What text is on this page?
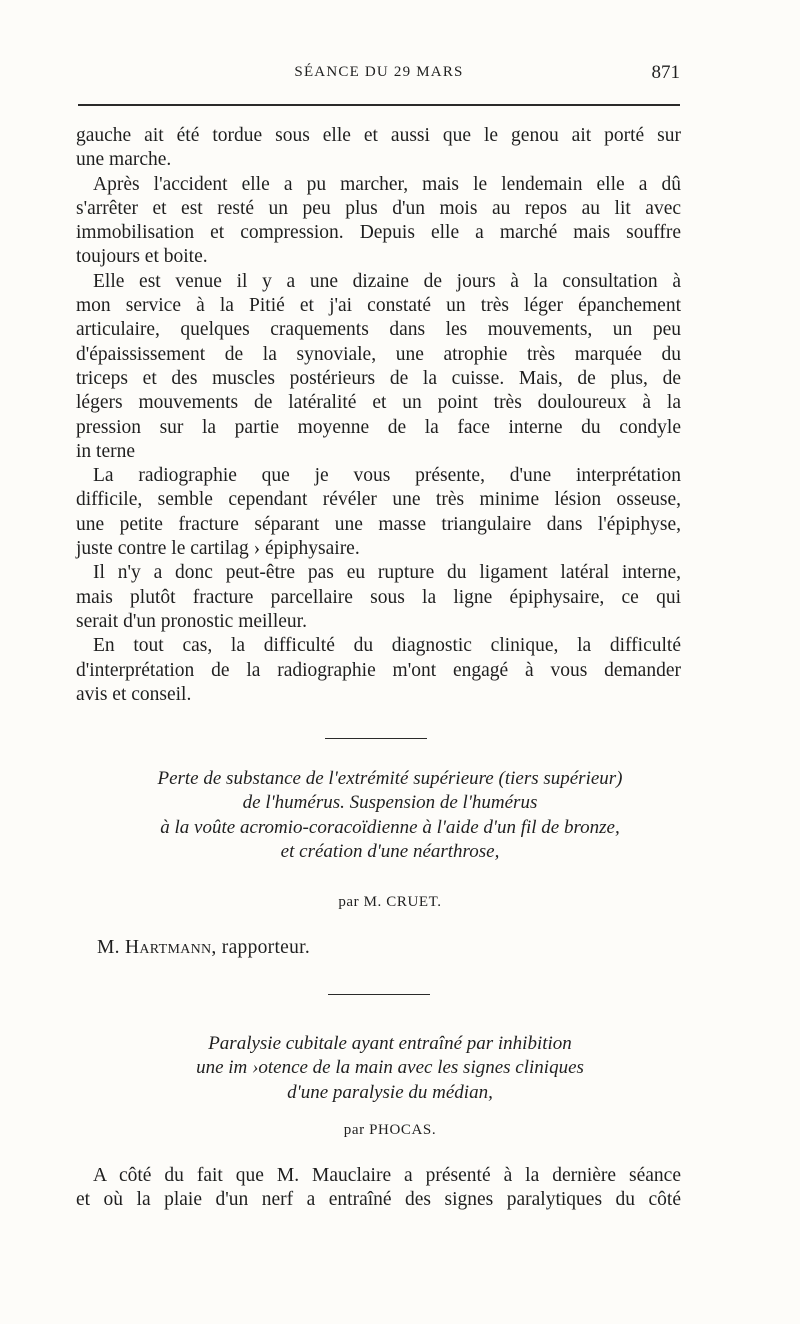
SÉANCE DU 29 MARS	871

gauche ait été tordue sous elle et aussi que le genou ait porté sur

une marche.

Après l'accident elle a pu marcher, mais le lendemain elle a dû

s'arrêter et est resté un peu plus d'un mois au repos au lit avec

immobilisation et compression. Depuis elle a marché mais souffre

toujours et boite.

Elle est venue il y a une dizaine de jours à la consultation à

mon service à la Pitié et j'ai constaté un très léger épanchement

articulaire, quelques craquements dans les mouvements, un peu

d'épaississement de la synoviale, une atrophie très marquée du

triceps et des muscles postérieurs de la cuisse. Mais, de plus, de

légers mouvements de latéralité et un point très douloureux à la

pression sur la partie moyenne de la face interne du condyle

in terne

La radiographie que je vous présente, d'une interprétation

difficile, semble cependant révéler une très minime lésion osseuse,

une petite fracture séparant une masse triangulaire dans l'épiphyse,

juste contre le cartilag › épiphysaire.

Il n'y a donc peut-être pas eu rupture du ligament latéral interne,

mais plutôt fracture parcellaire sous la ligne épiphysaire, ce qui

serait d'un pronostic meilleur.

En tout cas, la difficulté du diagnostic clinique, la difficulté

d'interprétation de la radiographie m'ont engagé à vous demander

avis et conseil.

Perte de substance de l'extrémité supérieure (tiers supérieur)
de l'humérus. Suspension de l'humérus
à la voûte acromio-coracoïdienne à l'aide d'un fil de bronze,
et création d'une néarthrose,
par M. CRUET.
M. Hartmann, rapporteur.
Paralysie cubitale ayant entraîné par inhibition
une im ›otence de la main avec les signes cliniques
d'une paralysie du médian,
par PHOCAS.

A côté du fait que M. Mauclaire a présenté à la dernière séance

et où la plaie d'un nerf a entraîné des signes paralytiques du côté
